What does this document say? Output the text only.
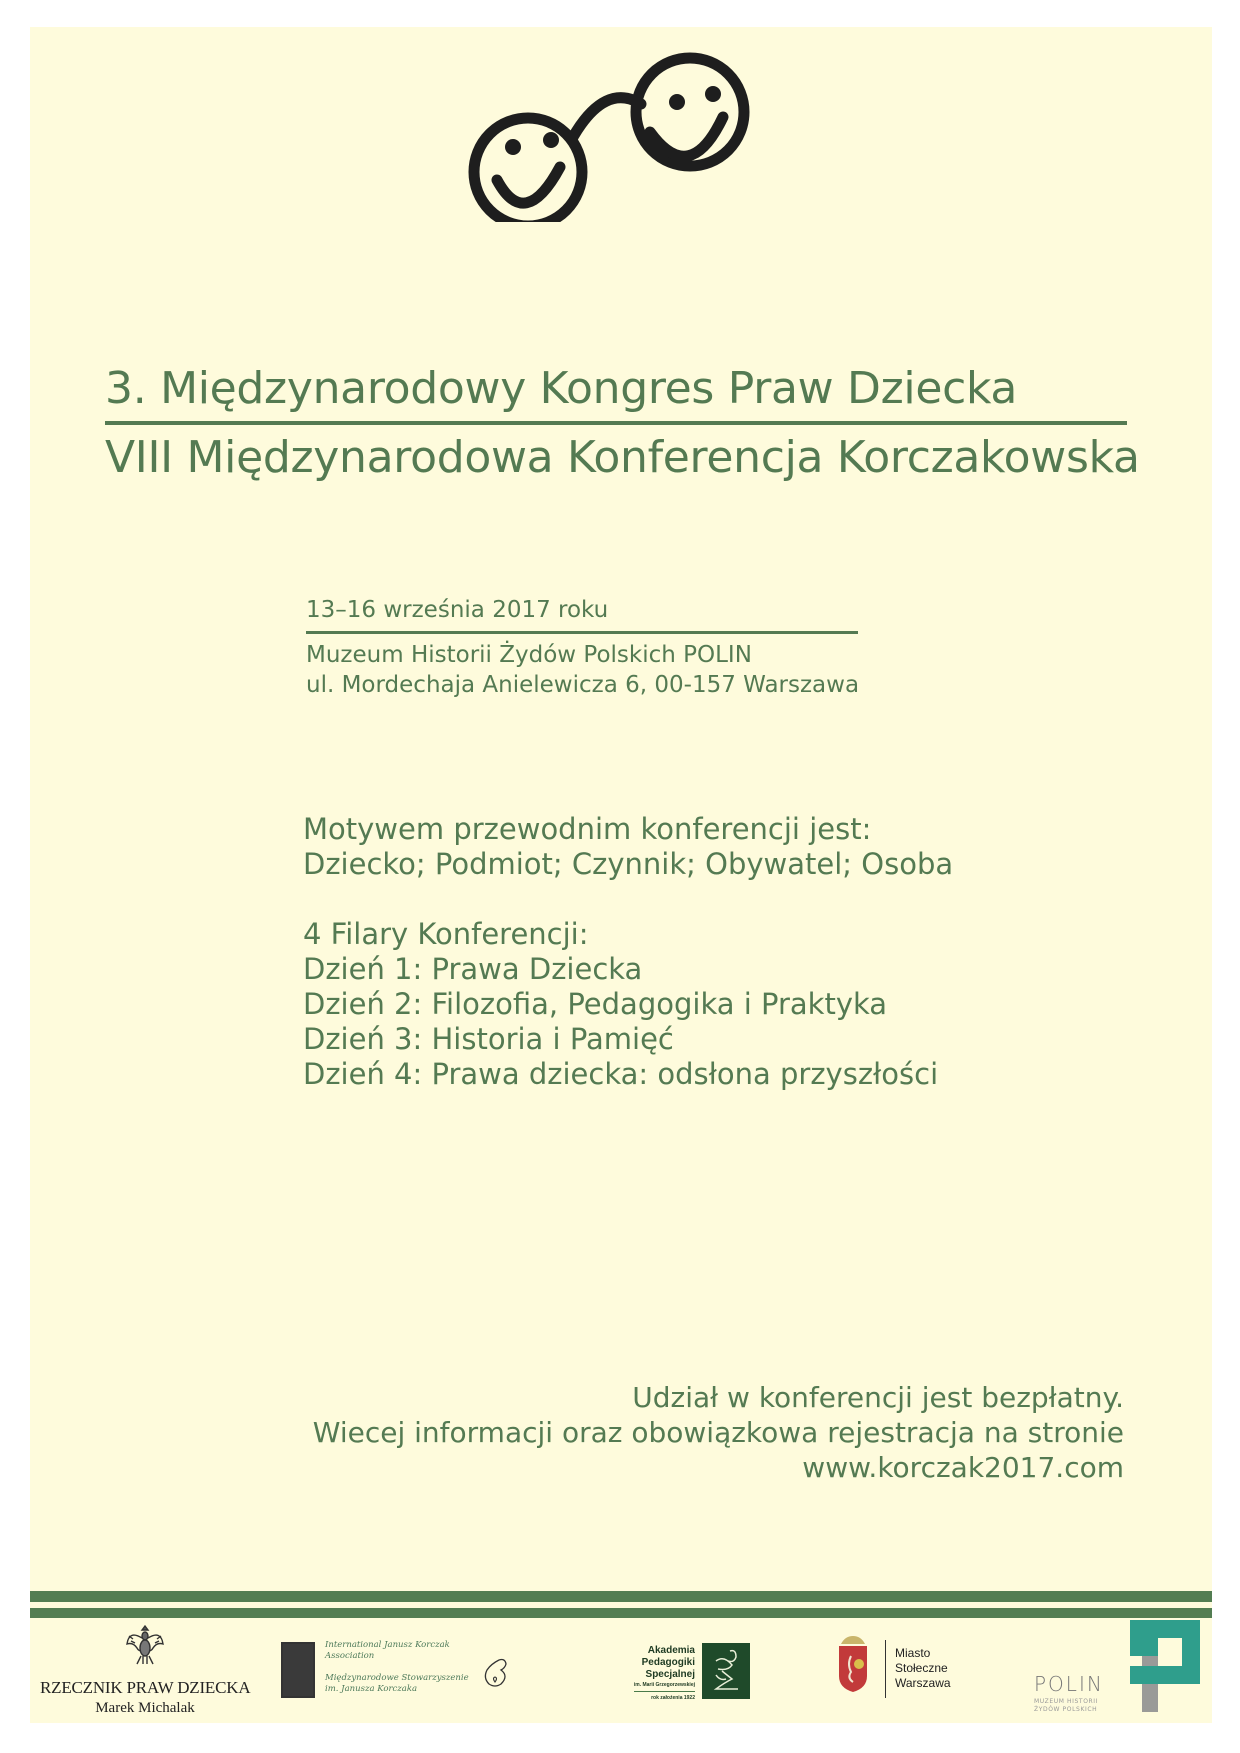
3. Międzynarodowy Kongres Praw Dziecka
VIII Międzynarodowa Konferencja Korczakowska
13–16 września 2017 roku
Muzeum Historii Żydów Polskich POLIN
ul. Mordechaja Anielewicza 6, 00-157 Warszawa
Motywem przewodnim konferencji jest:
Dziecko; Podmiot; Czynnik; Obywatel; Osoba
4 Filary Konferencji:
Dzień 1: Prawa Dziecka
Dzień 2: Filozofia, Pedagogika i Praktyka
Dzień 3: Historia i Pamięć
Dzień 4: Prawa dziecka: odsłona przyszłości
Udział w konferencji jest bezpłatny.
Wiecej informacji oraz obowiązkowa rejestracja na stronie
www.korczak2017.com
RZECZNIK PRAW DZIECKA
Marek Michalak
International Janusz Korczak
Association
Międzynarodowe Stowarzyszenie
im. Janusza Korczaka
Akademia
Pedagogiki
Specjalnej
im. Marii Grzegorzewskiej
rok założenia 1922
Miasto
Stołeczne
Warszawa	POLIN
MUZEUM HISTORII
ŻYDÓW POLSKICH
